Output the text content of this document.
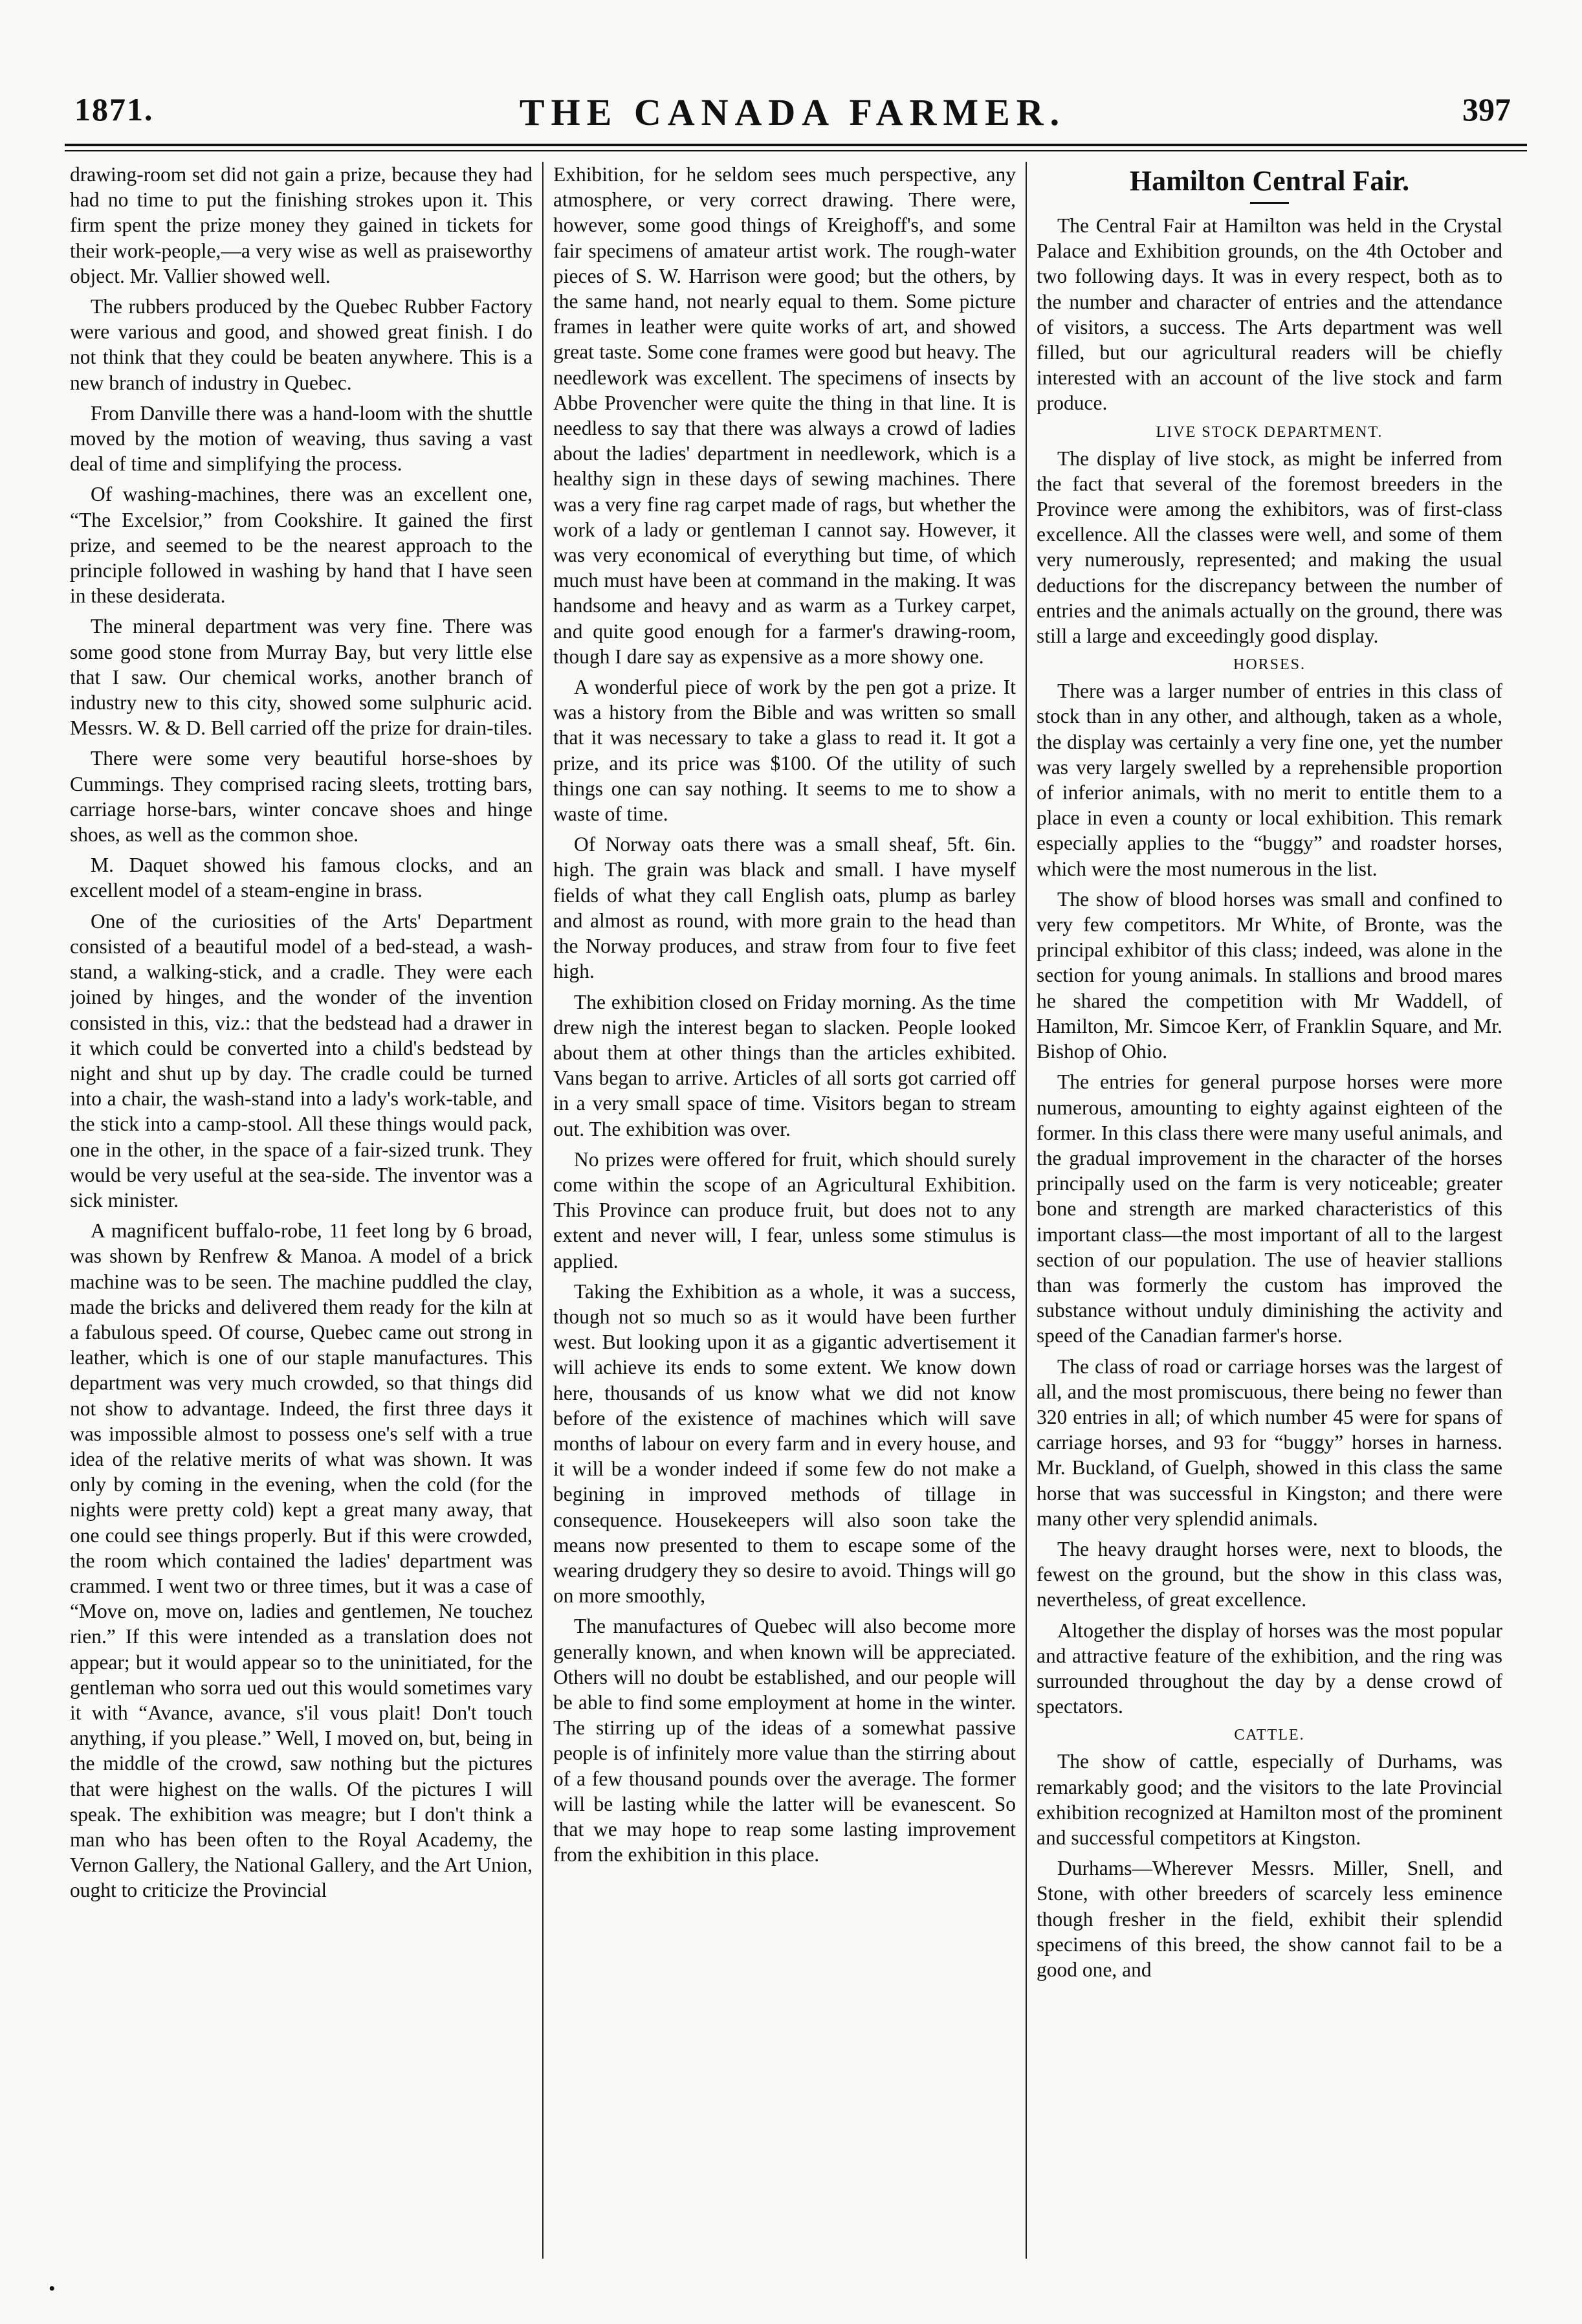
1871.	THE CANADA FARMER.	397

drawing-room set did not gain a prize, because they had had no time to put the finishing strokes upon it. This firm spent the prize money they gained in tickets for their work-people,—a very wise as well as praiseworthy object. Mr. Vallier showed well.

The rubbers produced by the Quebec Rubber Factory were various and good, and showed great finish. I do not think that they could be beaten anywhere. This is a new branch of industry in Quebec.

From Danville there was a hand-loom with the shuttle moved by the motion of weaving, thus saving a vast deal of time and simplifying the process.

Of washing-machines, there was an excellent one, “The Excelsior,” from Cookshire. It gained the first prize, and seemed to be the nearest approach to the principle followed in washing by hand that I have seen in these desiderata.

The mineral department was very fine. There was some good stone from Murray Bay, but very little else that I saw. Our chemical works, another branch of industry new to this city, showed some sulphuric acid. Messrs. W. & D. Bell carried off the prize for drain-tiles.

There were some very beautiful horse-shoes by Cummings. They comprised racing sleets, trotting bars, carriage horse-bars, winter concave shoes and hinge shoes, as well as the common shoe.

M. Daquet showed his famous clocks, and an excellent model of a steam-engine in brass.

One of the curiosities of the Arts' Department consisted of a beautiful model of a bed-stead, a wash-stand, a walking-stick, and a cradle. They were each joined by hinges, and the wonder of the invention consisted in this, viz.: that the bedstead had a drawer in it which could be converted into a child's bedstead by night and shut up by day. The cradle could be turned into a chair, the wash-stand into a lady's work-table, and the stick into a camp-stool. All these things would pack, one in the other, in the space of a fair-sized trunk. They would be very useful at the sea-side. The inventor was a sick minister.

A magnificent buffalo-robe, 11 feet long by 6 broad, was shown by Renfrew & Manoa. A model of a brick machine was to be seen. The machine puddled the clay, made the bricks and delivered them ready for the kiln at a fabulous speed. Of course, Quebec came out strong in leather, which is one of our staple manufactures. This department was very much crowded, so that things did not show to advantage. Indeed, the first three days it was impossible almost to possess one's self with a true idea of the relative merits of what was shown. It was only by coming in the evening, when the cold (for the nights were pretty cold) kept a great many away, that one could see things properly. But if this were crowded, the room which contained the ladies' department was crammed. I went two or three times, but it was a case of “Move on, move on, ladies and gentlemen, Ne touchez rien.” If this were intended as a translation does not appear; but it would appear so to the uninitiated, for the gentleman who sorra ued out this would sometimes vary it with “Avance, avance, s'il vous plait! Don't touch anything, if you please.” Well, I moved on, but, being in the middle of the crowd, saw nothing but the pictures that were highest on the walls. Of the pictures I will speak. The exhibition was meagre; but I don't think a man who has been often to the Royal Academy, the Vernon Gallery, the National Gallery, and the Art Union, ought to criticize the Provincial

Exhibition, for he seldom sees much perspective, any atmosphere, or very correct drawing. There were, however, some good things of Kreighoff's, and some fair specimens of amateur artist work. The rough-water pieces of S. W. Harrison were good; but the others, by the same hand, not nearly equal to them. Some picture frames in leather were quite works of art, and showed great taste. Some cone frames were good but heavy. The needlework was excellent. The specimens of insects by Abbe Provencher were quite the thing in that line. It is needless to say that there was always a crowd of ladies about the ladies' department in needlework, which is a healthy sign in these days of sewing machines. There was a very fine rag carpet made of rags, but whether the work of a lady or gentleman I cannot say. However, it was very economical of everything but time, of which much must have been at command in the making. It was handsome and heavy and as warm as a Turkey carpet, and quite good enough for a farmer's drawing-room, though I dare say as expensive as a more showy one.

A wonderful piece of work by the pen got a prize. It was a history from the Bible and was written so small that it was necessary to take a glass to read it. It got a prize, and its price was $100. Of the utility of such things one can say nothing. It seems to me to show a waste of time.

Of Norway oats there was a small sheaf, 5ft. 6in. high. The grain was black and small. I have myself fields of what they call English oats, plump as barley and almost as round, with more grain to the head than the Norway produces, and straw from four to five feet high.

The exhibition closed on Friday morning. As the time drew nigh the interest began to slacken. People looked about them at other things than the articles exhibited. Vans began to arrive. Articles of all sorts got carried off in a very small space of time. Visitors began to stream out. The exhibition was over.

No prizes were offered for fruit, which should surely come within the scope of an Agricultural Exhibition. This Province can produce fruit, but does not to any extent and never will, I fear, unless some stimulus is applied.

Taking the Exhibition as a whole, it was a success, though not so much so as it would have been further west. But looking upon it as a gigantic advertisement it will achieve its ends to some extent. We know down here, thousands of us know what we did not know before of the existence of machines which will save months of labour on every farm and in every house, and it will be a wonder indeed if some few do not make a begining in improved methods of tillage in consequence. Housekeepers will also soon take the means now presented to them to escape some of the wearing drudgery they so desire to avoid. Things will go on more smoothly,

The manufactures of Quebec will also become more generally known, and when known will be appreciated. Others will no doubt be established, and our people will be able to find some employment at home in the winter. The stirring up of the ideas of a somewhat passive people is of infinitely more value than the stirring about of a few thousand pounds over the average. The former will be lasting while the latter will be evanescent. So that we may hope to reap some lasting improvement from the exhibition in this place.

Hamilton Central Fair.

The Central Fair at Hamilton was held in the Crystal Palace and Exhibition grounds, on the 4th October and two following days. It was in every respect, both as to the number and character of entries and the attendance of visitors, a success. The Arts department was well filled, but our agricultural readers will be chiefly interested with an account of the live stock and farm produce.

LIVE STOCK DEPARTMENT.

The display of live stock, as might be inferred from the fact that several of the foremost breeders in the Province were among the exhibitors, was of first-class excellence. All the classes were well, and some of them very numerously, represented; and making the usual deductions for the discrepancy between the number of entries and the animals actually on the ground, there was still a large and exceedingly good display.

HORSES.

There was a larger number of entries in this class of stock than in any other, and although, taken as a whole, the display was certainly a very fine one, yet the number was very largely swelled by a reprehensible proportion of inferior animals, with no merit to entitle them to a place in even a county or local exhibition. This remark especially applies to the “buggy” and roadster horses, which were the most numerous in the list.

The show of blood horses was small and confined to very few competitors. Mr White, of Bronte, was the principal exhibitor of this class; indeed, was alone in the section for young animals. In stallions and brood mares he shared the competition with Mr Waddell, of Hamilton, Mr. Simcoe Kerr, of Franklin Square, and Mr. Bishop of Ohio.

The entries for general purpose horses were more numerous, amounting to eighty against eighteen of the former. In this class there were many useful animals, and the gradual improvement in the character of the horses principally used on the farm is very noticeable; greater bone and strength are marked characteristics of this important class—the most important of all to the largest section of our population. The use of heavier stallions than was formerly the custom has improved the substance without unduly diminishing the activity and speed of the Canadian farmer's horse.

The class of road or carriage horses was the largest of all, and the most promiscuous, there being no fewer than 320 entries in all; of which number 45 were for spans of carriage horses, and 93 for “buggy” horses in harness. Mr. Buckland, of Guelph, showed in this class the same horse that was successful in Kingston; and there were many other very splendid animals.

The heavy draught horses were, next to bloods, the fewest on the ground, but the show in this class was, nevertheless, of great excellence.

Altogether the display of horses was the most popular and attractive feature of the exhibition, and the ring was surrounded throughout the day by a dense crowd of spectators.

CATTLE.

The show of cattle, especially of Durhams, was remarkably good; and the visitors to the late Provincial exhibition recognized at Hamilton most of the prominent and successful competitors at Kingston.

Durhams—Wherever Messrs. Miller, Snell, and Stone, with other breeders of scarcely less eminence though fresher in the field, exhibit their splendid specimens of this breed, the show cannot fail to be a good one, and

•
